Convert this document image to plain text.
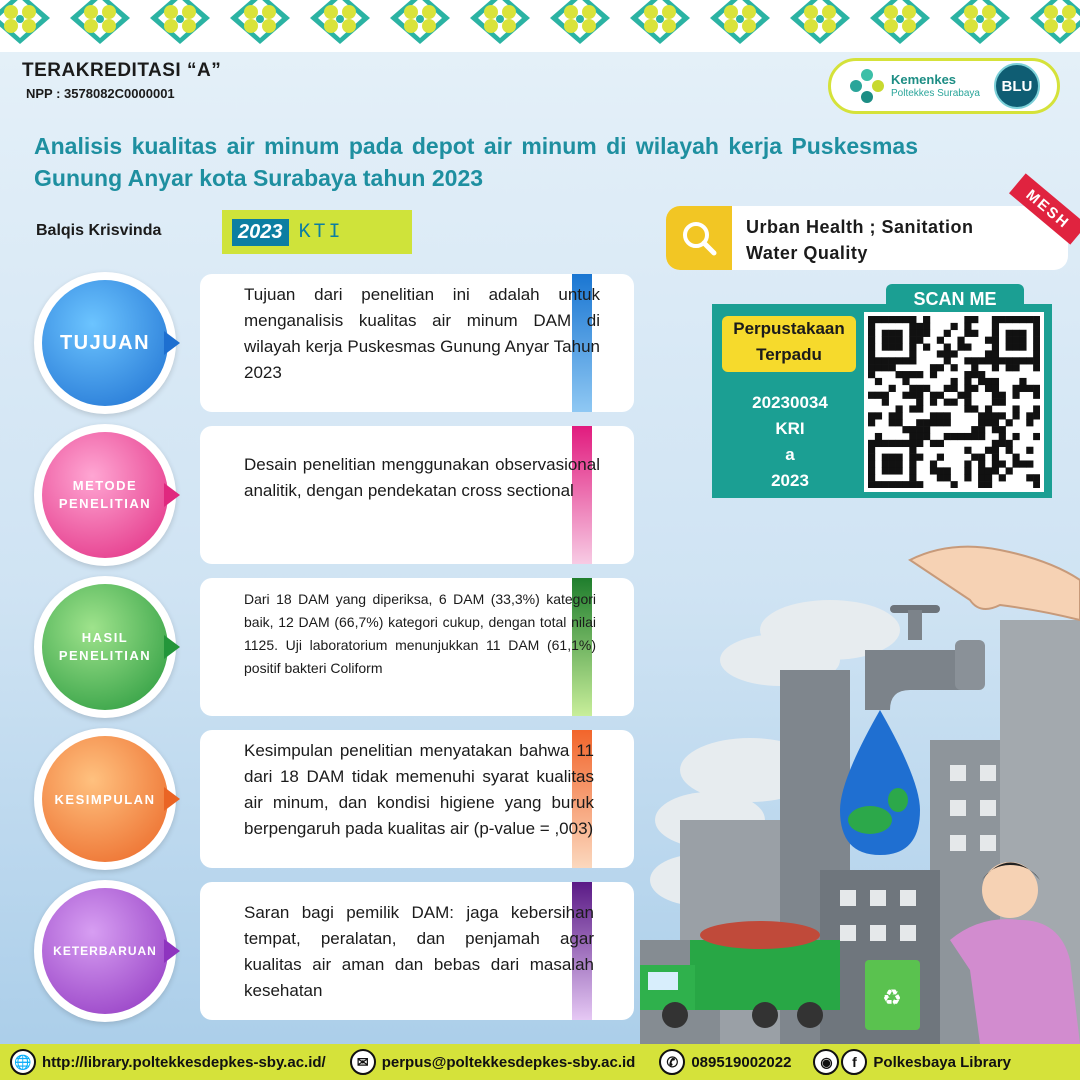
TERAKREDITASI “A”
NPP : 3578082C0000001
Kemenkes
Poltekkes Surabaya	BLU
Analisis kualitas air minum pada depot air minum di wilayah kerja Puskesmas Gunung Anyar kota Surabaya tahun 2023
Balqis Krisvinda	2023 KTI	Urban Health ; Sanitation
Water Quality
MESH
SCAN ME
Perpustakaan Terpadu
20230034
KRI
a
2023
♻
Tujuan dari penelitian ini adalah untuk menganalisis kualitas air minum DAM di wilayah kerja Puskesmas Gunung Anyar Tahun 2023
TUJUAN
Desain penelitian menggunakan observasional analitik, dengan pendekatan cross sectional
METODE PENELITIAN
Dari 18 DAM yang diperiksa, 6 DAM (33,3%) kategori baik, 12 DAM (66,7%) kategori cukup, dengan total nilai 1125. Uji laboratorium menunjukkan 11 DAM (61,1%) positif bakteri Coliform
HASIL PENELITIAN
Kesimpulan penelitian menyatakan bahwa 11 dari 18 DAM tidak memenuhi syarat kualitas air minum, dan kondisi higiene yang buruk berpengaruh pada kualitas air (p-value = ,003)
KESIMPULAN
Saran bagi pemilik DAM: jaga kebersihan tempat, peralatan, dan penjamah agar kualitas air aman dan bebas dari masalah kesehatan
KETERBARUAN
🌐 http://library.poltekkesdepkes-sby.ac.id/	✉ perpus@poltekkesdepkes-sby.ac.id	✆ 089519002022	◉	f	Polkesbaya Library
